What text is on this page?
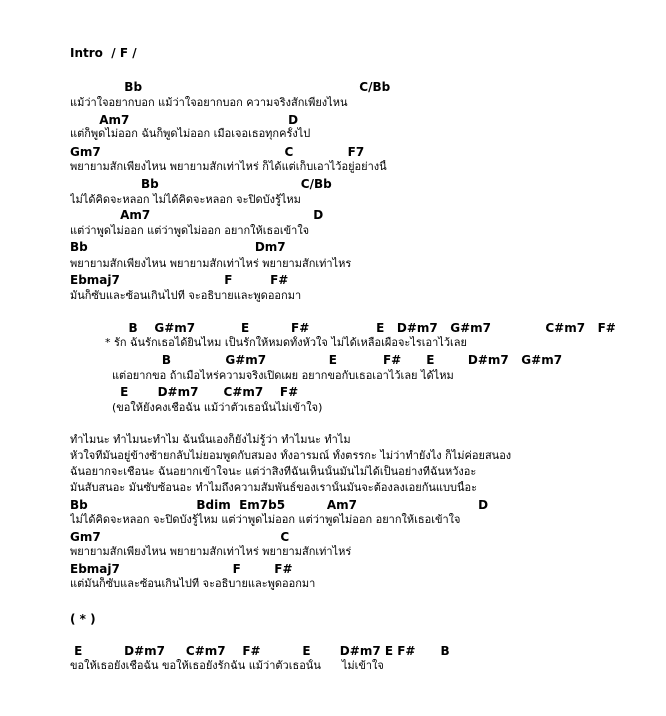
Intro  / F /
Bb                                                    C/Bb
แม้ว่าใจอยากบอก แม้ว่าใจอยากบอก ความจริงสักเพียงไหน
Am7                                      D
แต่ก็พูดไม่ออก ฉันก็พูดไม่ออก เมื่อเจอเธอทุกครั้งไป
Gm7                                            C             F7
พยายามสักเพียงไหน พยายามสักเท่าไหร่ ก็ได้แต่เก็บเอาไว้อยู่อย่างนี้
Bb                                  C/Bb
ไม่ได้คิดจะหลอก ไม่ได้คิดจะหลอก จะปิดบังรู้ไหม
Am7                                       D
แต่ว่าพูดไม่ออก แต่ว่าพูดไม่ออก อยากให้เธอเข้าใจ
Bb                                        Dm7
พยายามสักเพียงไหน พยายามสักเท่าไหร่ พยายามสักเท่าไหร
Ebmaj7                         F         F#
มันก็ซับและซ้อนเกินไปที่ จะอธิบายและพูดออกมา
B    G#m7           E          F#                E   D#m7   G#m7             C#m7   F#
* รัก ฉันรักเธอได้ยินไหม เป็นรักให้หมดทั้งหัวใจ ไม่ได้เหลือเผื่อจะไรเอาไว้เลย
B             G#m7               E           F#      E        D#m7   G#m7
แต่อยากขอ ถ้าเมื่อไหร่ความจริงเปิดเผย อยากขอกับเธอเอาไว้เลย ได้ไหม
E       D#m7      C#m7    F#
(ขอให้ยังคงเชื่อฉัน แม้ว่าตัวเธอนั้นไม่เข้าใจ)
ทำไมนะ ทำไมนะทำไม ฉันนั้นเองก็ยังไม่รู้ว่า ทำไมนะ ทำไม
หัวใจที่มันอยู่ข้างซ้ายกลับไม่ยอมพูดกับสมอง ทั้งอารมณ์ ทั้งตรรกะ ไม่ว่าทำยังไง ก็ไม่ค่อยสนอง
ฉันอยากจะเชื่อนะ ฉันอยากเข้าใจนะ แต่ว่าสิ่งที่ฉันเห็นนั้นมันไม่ได้เป็นอย่างที่ฉันหวังอะ
มันสับสนอะ มันซับซ้อนอะ ทำไมถึงความสัมพันธ์ของเรานั้นมันจะต้องลงเอยกันแบบนี้อะ
Bb                          Bdim  Em7b5          Am7                             D
ไม่ได้คิดจะหลอก จะปิดบังรู้ไหม แต่ว่าพูดไม่ออก แต่ว่าพูดไม่ออก อยากให้เธอเข้าใจ
Gm7                                           C
พยายามสักเพียงไหน พยายามสักเท่าไหร่ พยายามสักเท่าไหร่
Ebmaj7                           F        F#
แต่มันก็ซับและซ้อนเกินไปที่ จะอธิบายและพูดออกมา
( * )
E          D#m7     C#m7    F#          E       D#m7 E F#      B
ขอให้เธอยังเชื่อฉัน ขอให้เธอยังรักฉัน แม้ว่าตัวเธอนั้น      ไม่เข้าใจ
